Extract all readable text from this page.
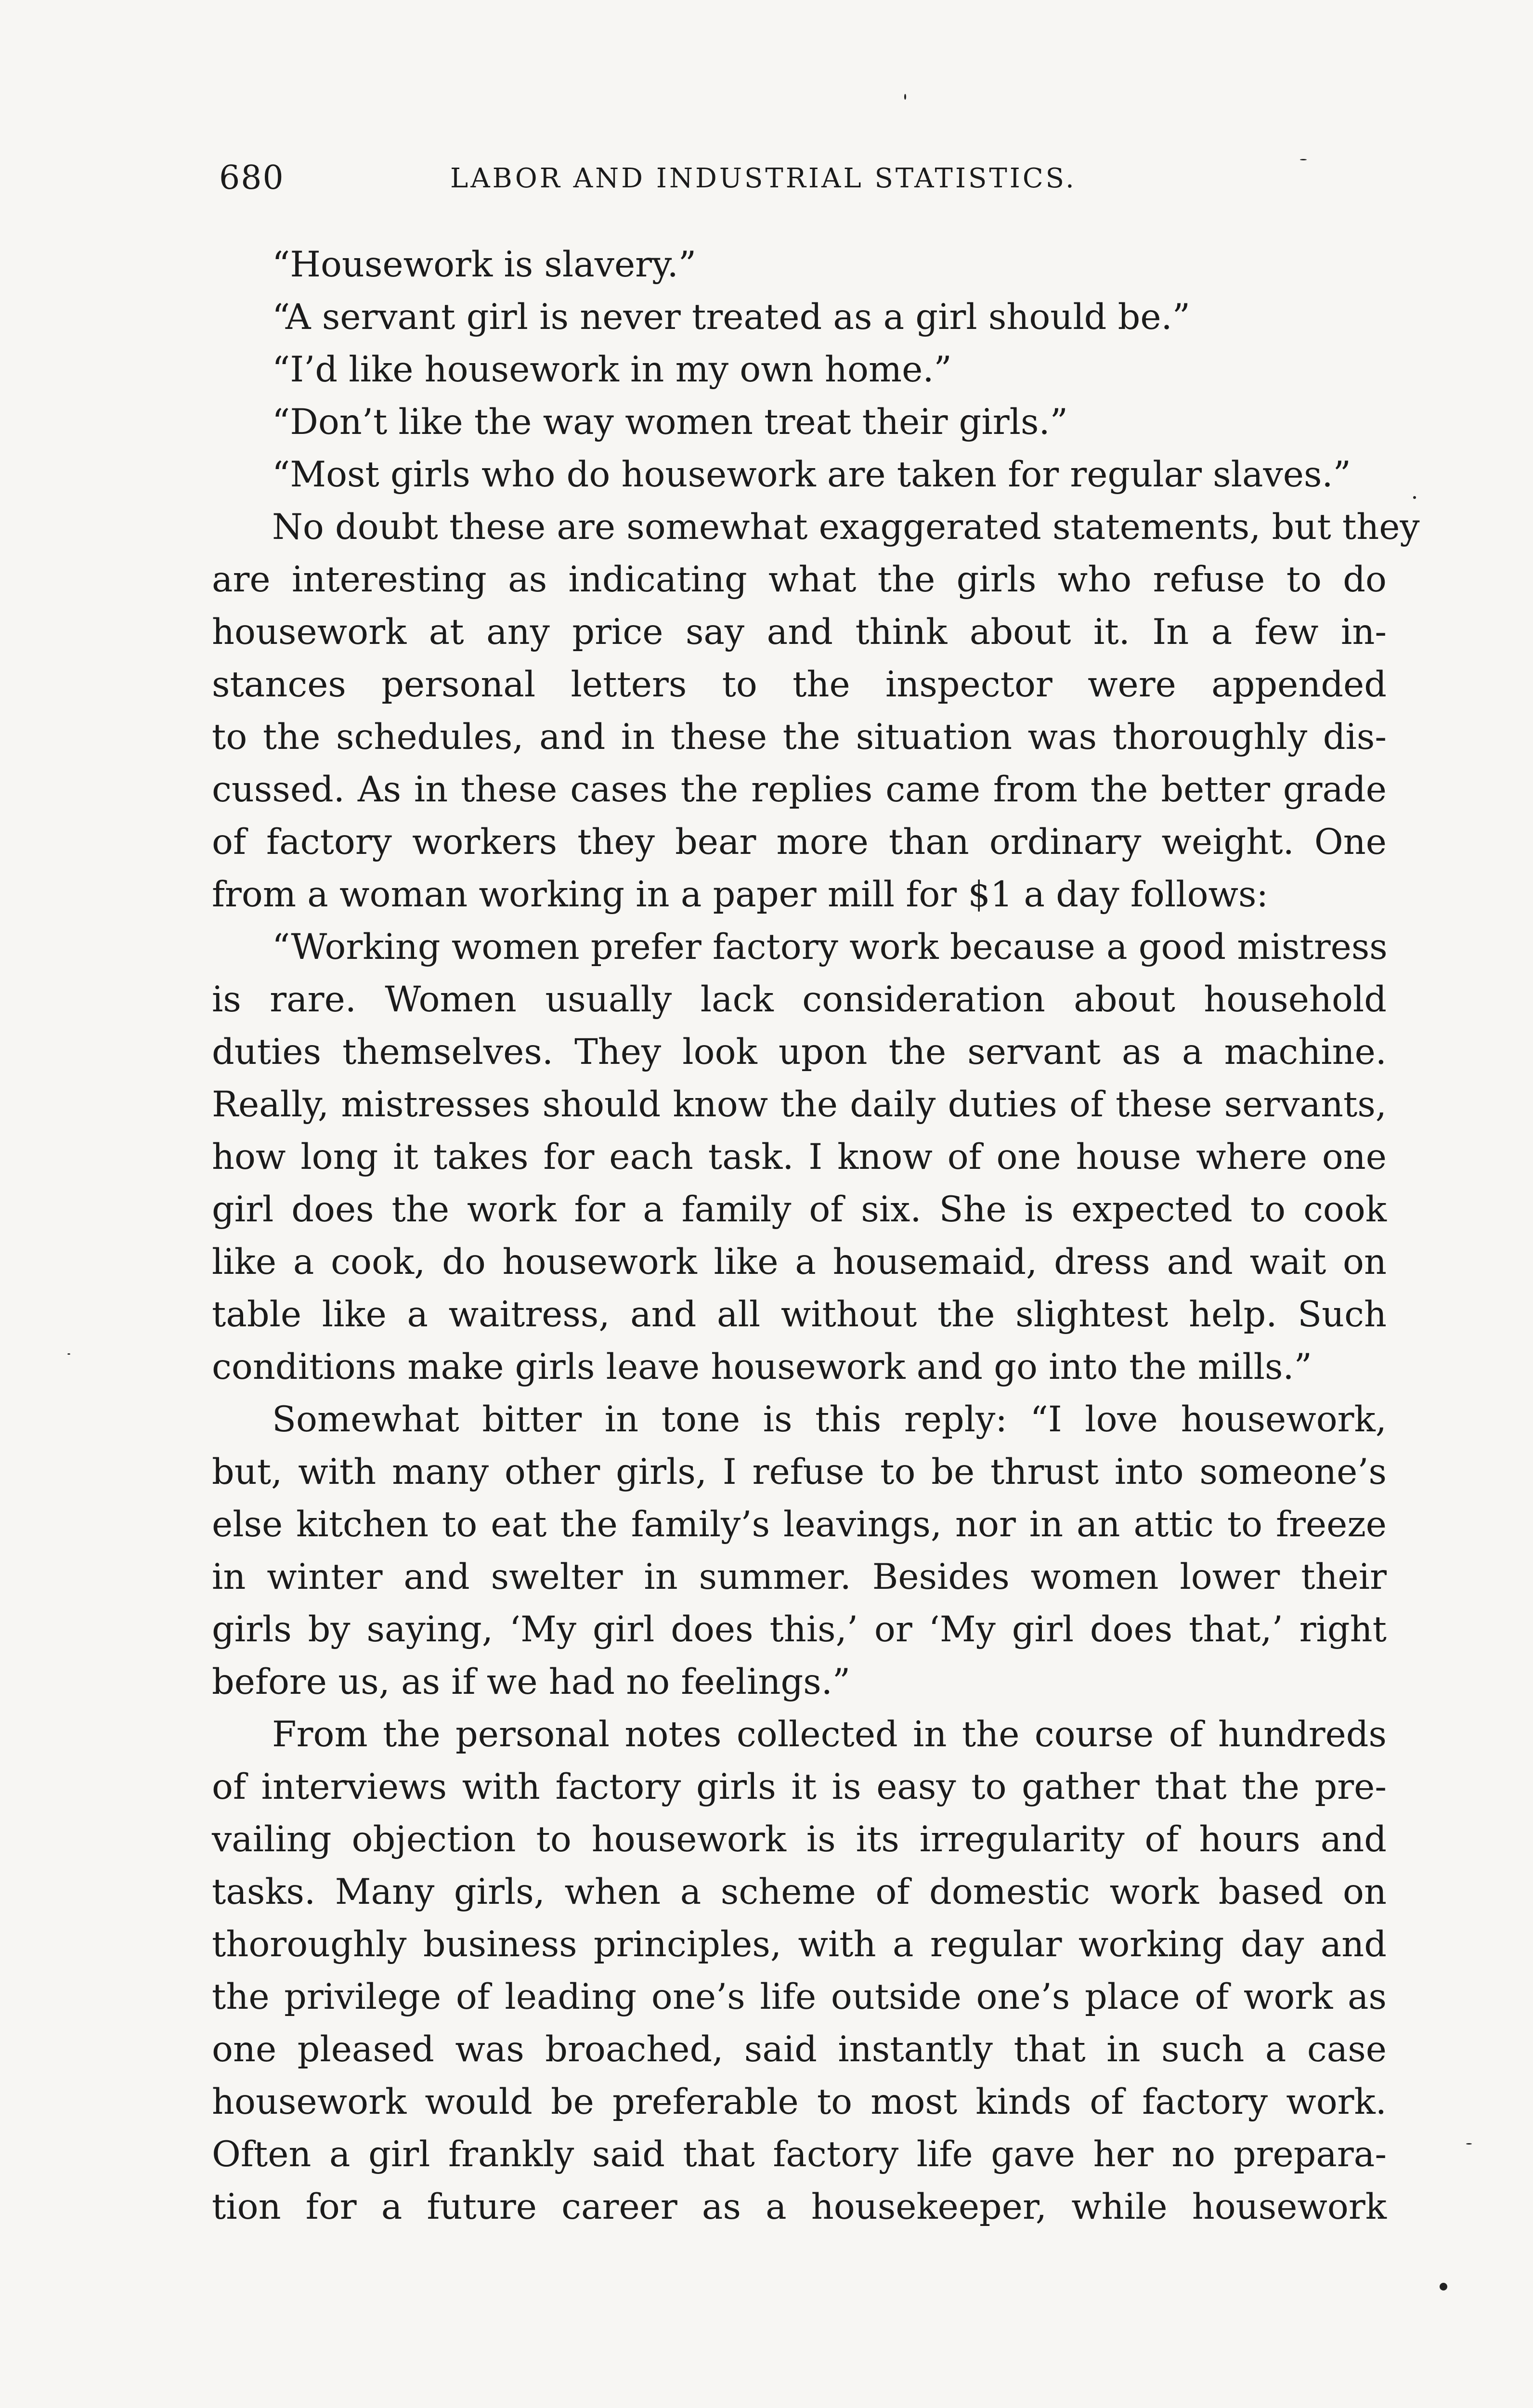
680	LABOR AND INDUSTRIAL STATISTICS.
“Housework is slavery.”
“A servant girl is never treated as a girl should be.”
“I’d like housework in my own home.”
“Don’t like the way women treat their girls.”
“Most girls who do housework are taken for regular slaves.”
No doubt these are somewhat exaggerated statements, but they
are interesting as indicating what the girls who refuse to do
housework at any price say and think about it. In a few in-
stances personal letters to the inspector were appended
to the schedules, and in these the situation was thoroughly dis-
cussed. As in these cases the replies came from the better grade
of factory workers they bear more than ordinary weight. One
from a woman working in a paper mill for $1 a day follows:
“Working women prefer factory work because a good mistress
is rare. Women usually lack consideration about household
duties themselves. They look upon the servant as a machine.
Really, mistresses should know the daily duties of these servants,
how long it takes for each task. I know of one house where one
girl does the work for a family of six. She is expected to cook
like a cook, do housework like a housemaid, dress and wait on
table like a waitress, and all without the slightest help. Such
conditions make girls leave housework and go into the mills.”
Somewhat bitter in tone is this reply: “I love housework,
but, with many other girls, I refuse to be thrust into someone’s
else kitchen to eat the family’s leavings, nor in an attic to freeze
in winter and swelter in summer. Besides women lower their
girls by saying, ‘My girl does this,’ or ‘My girl does that,’ right
before us, as if we had no feelings.”
From the personal notes collected in the course of hundreds
of interviews with factory girls it is easy to gather that the pre-
vailing objection to housework is its irregularity of hours and
tasks. Many girls, when a scheme of domestic work based on
thoroughly business principles, with a regular working day and
the privilege of leading one’s life outside one’s place of work as
one pleased was broached, said instantly that in such a case
housework would be preferable to most kinds of factory work.
Often a girl frankly said that factory life gave her no prepara-
tion for a future career as a housekeeper, while housework
